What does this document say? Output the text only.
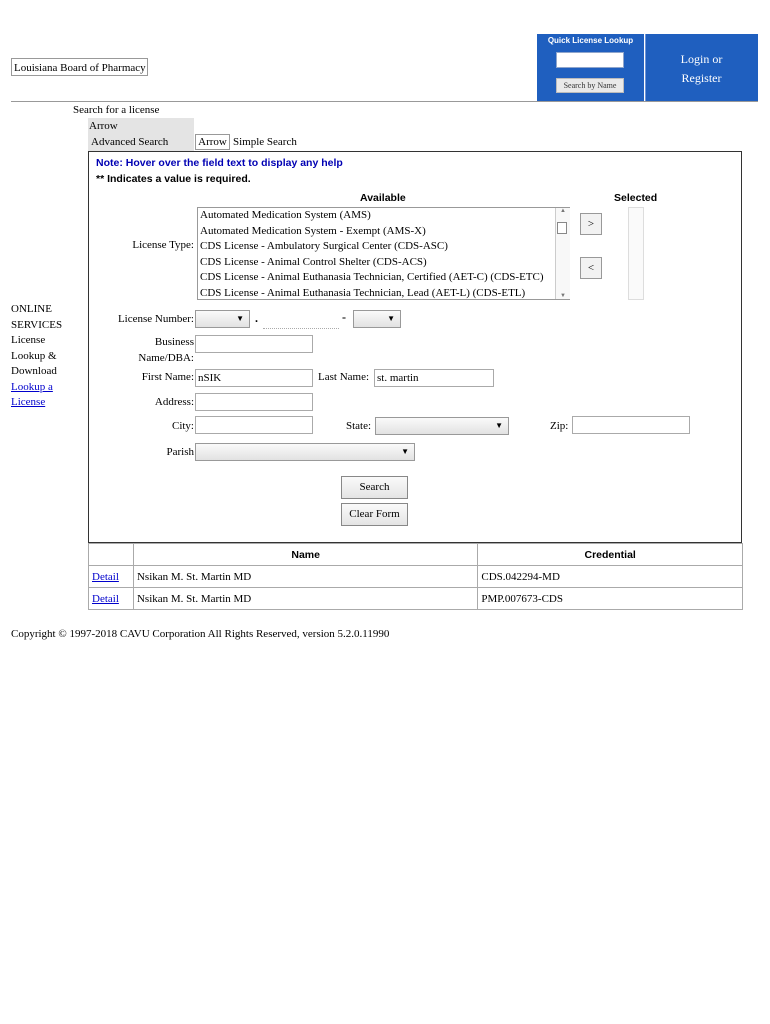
Louisiana Board of Pharmacy
Quick License Lookup
Search by Name
Login or
Register
ONLINE
SERVICES
License
Lookup &
Download
Lookup a
License
Search for a license
Arrow
Advanced Search	Arrow Simple Search
Note: Hover over the field text to display any help
** Indicates a value is required.
Available	Selected
License Type:
Automated Medication System (AMS)
Automated Medication System - Exempt (AMS-X)
CDS License - Ambulatory Surgical Center (CDS-ASC)
CDS License - Animal Control Shelter (CDS-ACS)
CDS License - Animal Euthanasia Technician, Certified (AET-C) (CDS-ETC)
CDS License - Animal Euthanasia Technician, Lead (AET-L) (CDS-ETL)
▲
▼
>
<
License Number:	▼ .	-	▼
Business
Name/DBA:
First Name: nSIK	Last Name: st. martin
Address:
City:	State:	▼	Zip:
Parish	▼
Search
Clear Form
	Name	Credential
Detail	Nsikan M. St. Martin MD	CDS.042294-MD
Detail	Nsikan M. St. Martin MD	PMP.007673-CDS
Copyright © 1997-2018 CAVU Corporation All Rights Reserved, version 5.2.0.11990
